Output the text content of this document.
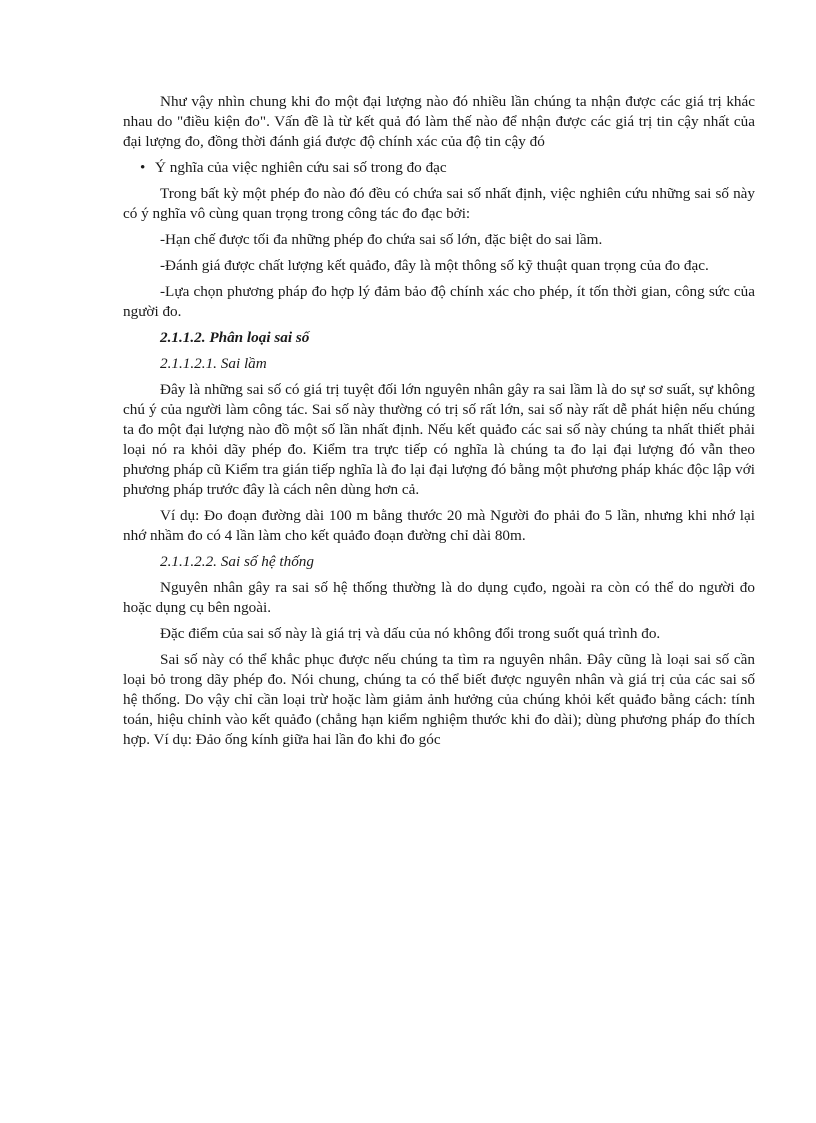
Như vậy nhìn chung khi đo một đại lượng nào đó nhiều lần chúng ta nhận được các giá trị khác nhau do "điều kiện đo". Vấn đề là từ kết quả đó làm thế nào để nhận được các giá trị tin cậy nhất của đại lượng đo, đồng thời đánh giá được độ chính xác của độ tin cậy đó

• Ý nghĩa của việc nghiên cứu sai số trong đo đạc

Trong bất kỳ một phép đo nào đó đều có chứa sai số nhất định, việc nghiên cứu những sai số này có ý nghĩa vô cùng quan trọng trong công tác đo đạc bởi:

-Hạn chế được tối đa những phép đo chứa sai số lớn, đặc biệt do sai lầm.

-Đánh giá được chất lượng kết quảđo, đây là một thông số kỹ thuật quan trọng của đo đạc.

-Lựa chọn phương pháp đo hợp lý đảm bảo độ chính xác cho phép, ít tốn thời gian, công sức của người đo.

2.1.1.2. Phân loại sai số

2.1.1.2.1. Sai lầm

Đây là những sai số có giá trị tuyệt đối lớn nguyên nhân gây ra sai lầm là do sự sơ suất, sự không chú ý của người làm công tác. Sai số này thường có trị số rất lớn, sai số này rất dễ phát hiện nếu chúng ta đo một đại lượng nào đồ một số lần nhất định. Nếu kết quảđo các sai số này chúng ta nhất thiết phải loại nó ra khỏi dãy phép đo. Kiểm tra trực tiếp có nghĩa là chúng ta đo lại đại lượng đó vẫn theo phương pháp cũ Kiểm tra gián tiếp nghĩa là đo lại đại lượng đó bằng một phương pháp khác độc lập với phương pháp trước đây là cách nên dùng hơn cả.

Ví dụ: Đo đoạn đường dài 100 m bằng thước 20 mà Người đo phải đo 5 lần, nhưng khi nhớ lại nhớ nhầm đo có 4 lần làm cho kết quảđo đoạn đường chỉ dài 80m.

2.1.1.2.2. Sai số hệ thống

Nguyên nhân gây ra sai số hệ thống thường là do dụng cụđo, ngoài ra còn có thể do người đo hoặc dụng cụ bên ngoài.

Đặc điểm của sai số này là giá trị và dấu của nó không đổi trong suốt quá trình đo.

Sai số này có thể khắc phục được nếu chúng ta tìm ra nguyên nhân. Đây cũng là loại sai số cần loại bỏ trong dãy phép đo. Nói chung, chúng ta có thể biết được nguyên nhân và giá trị của các sai số hệ thống. Do vậy chỉ cần loại trừ hoặc làm giảm ảnh hưởng của chúng khỏi kết quảđo bằng cách: tính toán, hiệu chỉnh vào kết quảđo (chẳng hạn kiểm nghiệm thước khi đo dài); dùng phương pháp đo thích hợp. Ví dụ: Đảo ống kính giữa hai lần đo khi đo góc
